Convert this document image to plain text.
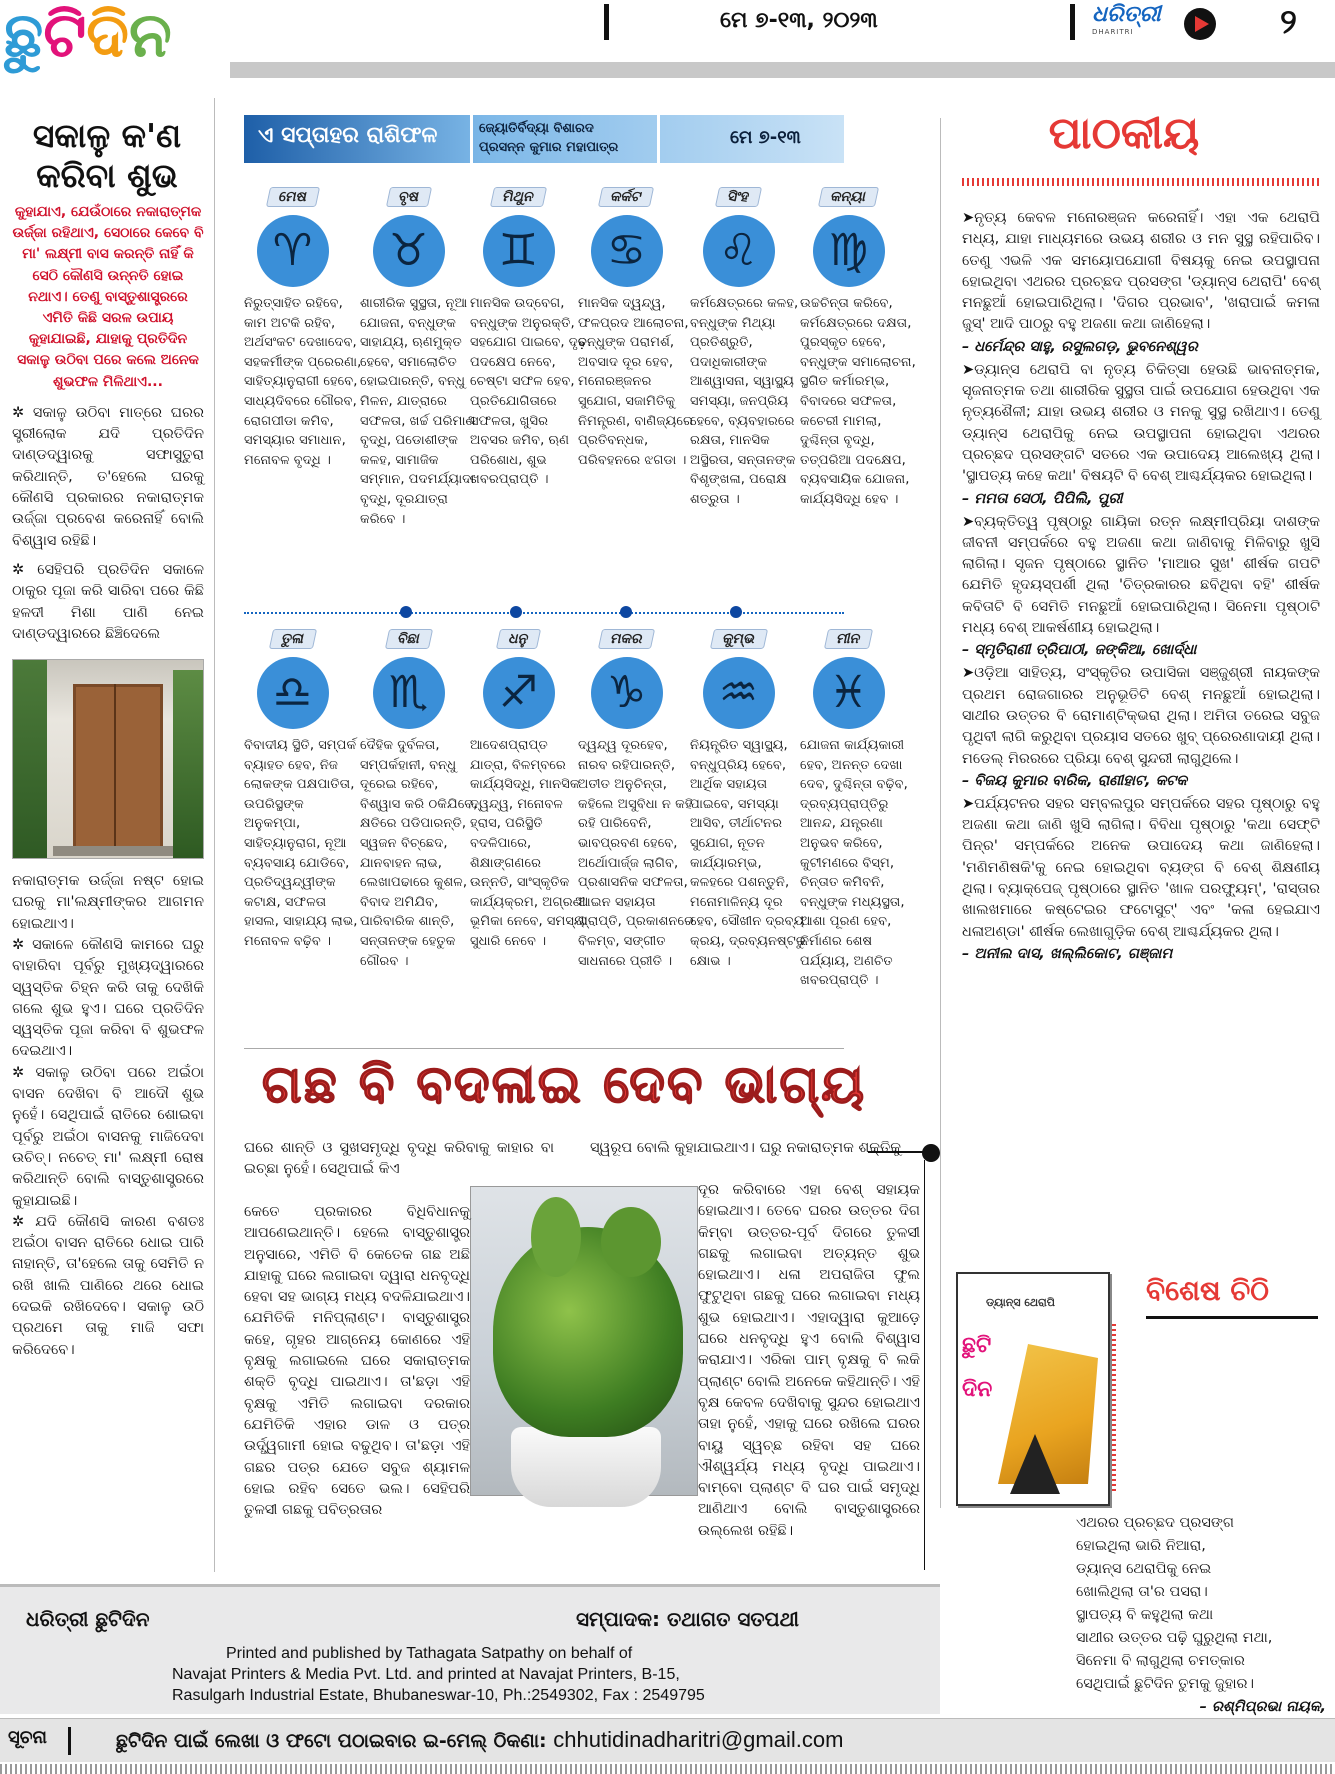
ଛୁଟିଦିନ	ମେ ୭-୧୩, ୨୦୨୩	ଧରିତ୍ରୀ
DHARITRI	୨
ସକାଳୁ କ'ଣ
କରିବା ଶୁଭ
କୁହାଯାଏ, ଯେଉଁଠାରେ ନକାରାତ୍ମକ ଉର୍ଜ୍ଜା ରହିଥାଏ, ସେଠାରେ କେବେ ବି ମା' ଲକ୍ଷ୍ମୀ ବାସ କରନ୍ତି ନାହିଁ କି ସେଠି କୌଣସି ଉନ୍ନତି ହୋଇ ନଥାଏ। ତେଣୁ ବାସ୍ତୁଶାସ୍ତ୍ରରେ ଏମିତି କିଛି ସରଳ ଉପାୟ କୁହାଯାଇଛି, ଯାହାକୁ ପ୍ରତିଦିନ ସକାଳୁ ଉଠିବା ପରେ କଲେ ଅନେକ ଶୁଭଫଳ ମିଳିଥାଏ...
✲ ସକାଳୁ ଉଠିବା ମାତ୍ରେ ଘରର ସ୍ତ୍ରୀଲୋକ ଯଦି ପ୍ରତିଦିନ ଦାଣ୍ଡଦ୍ୱାରକୁ ସଫାସୁତୁରା କରିଥାନ୍ତି, ତ'ହେଲେ ଘରକୁ କୌଣସି ପ୍ରକାରର ନକାରାତ୍ମକ ଉର୍ଜ୍ଜା ପ୍ରବେଶ କରେନାହିଁ ବୋଲି ବିଶ୍ୱାସ ରହିଛି।
✲ ସେହିପରି ପ୍ରତିଦିନ ସକାଳେ ଠାକୁର ପୂଜା କରି ସାରିବା ପରେ କିଛି ହଳଦୀ ମିଶା ପାଣି ନେଇ ଦାଣ୍ଡଦ୍ୱାରରେ ଛିଞ୍ଚିଦେଲେ
ନକାରାତ୍ମକ ଉର୍ଜ୍ଜା ନଷ୍ଟ ହୋଇ ଘରକୁ ମା'ଲକ୍ଷ୍ମୀଙ୍କର ଆଗମନ ହୋଇଥାଏ।
✲ ସକାଳେ କୌଣସି କାମରେ ଘରୁ ବାହାରିବା ପୂର୍ବରୁ ମୁଖ୍ୟଦ୍ୱାରରେ ସ୍ୱସ୍ତିକ ଚିହ୍ନ କରି ତାକୁ ଦେଖିକି ଗଲେ ଶୁଭ ହୁଏ। ଘରେ ପ୍ରତିଦିନ ସ୍ୱସ୍ତିକ ପୂଜା କରିବା ବି ଶୁଭଫଳ ଦେଇଥାଏ।
✲ ସକାଳୁ ଉଠିବା ପରେ ଅଇଁଠା ବାସନ ଦେଖିବା ବି ଆଦୌ ଶୁଭ ନୁହେଁ। ସେଥିପାଇଁ ରାତିରେ ଶୋଇବା ପୂର୍ବରୁ ଅଇଁଠା ବାସନକୁ ମାଜିଦେବା ଉଚିତ୍। ନଚେତ୍ ମା' ଲକ୍ଷ୍ମୀ ରୋଷ କରିଥାନ୍ତି ବୋଲି ବାସ୍ତୁଶାସ୍ତ୍ରରେ କୁହାଯାଇଛି।
✲ ଯଦି କୌଣସି କାରଣ ବଶତଃ ଅଇଁଠା ବାସନ ରାତିରେ ଧୋଇ ପାରି ନାହାନ୍ତି, ତା'ହେଲେ ତାକୁ ସେମିତି ନ ରଖି ଖାଲି ପାଣିରେ ଥରେ ଧୋଇ ଦେଇକି ରଖିଦେବେ। ସକାଳୁ ଉଠି ପ୍ରଥମେ ତାକୁ ମାଜି ସଫା କରିଦେବେ।
ଏ ସପ୍ତାହର ରାଶିଫଳ	ଜ୍ୟୋତିର୍ବିଦ୍ୟା ବିଶାରଦ
ପ୍ରସନ୍ନ କୁମାର ମହାପାତ୍ର	ମେ ୭-୧୩
ମେଷ
♈
ନିରୁତ୍ସାହିତ ରହିବେ, କାମ ଅଟକି ରହିବ, ଅର୍ଥସଂକଟ ଦେଖାଦେବ, ସହକର୍ମୀଙ୍କ ପ୍ରେରଣା, ସାହିତ୍ୟାନୁରାଗୀ ହେବେ, ସାଧ୍ୟଦିବରେ ଗୌରବ, ରୋଗପୀଡା କମିବ, ସମସ୍ୟାର ସମାଧାନ, ମନୋବଳ ବୃଦ୍ଧି ।
ବୃଷ
♉
ଶାରୀରିକ ସୁସ୍ଥତା, ନୂଆ ଯୋଜନା, ବନ୍ଧୁଙ୍କ ସାହାଯ୍ୟ, ଋଣମୁକ୍ତ ହେବେ, ସମାଲୋଚିତ ହୋଇପାରନ୍ତି, ବନ୍ଧୁ ମିଳନ, ଯାତ୍ରାରେ ସଫଳତା, ଖର୍ଚ୍ଚ ପରିମାଣ ବୃଦ୍ଧି, ପଡୋଶୀଙ୍କ କଳହ, ସାମାଜିକ ସମ୍ମାନ, ପଦମର୍ଯ୍ୟାଦା ବୃଦ୍ଧି, ଦୂରଯାତ୍ରା କରିବେ ।
ମିଥୁନ
♊
ମାନସିକ ଉଦ୍‌ବେଗ, ବନ୍ଧୁଙ୍କ ଅନୁରକ୍ତି, ସହଯୋଗ ପାଇବେ, ଦୃଢ଼ ପଦକ୍ଷେପ ନେବେ, ଚେଷ୍ଟା ସଫଳ ହେବ, ପ୍ରତିଯୋଗିତାରେ ସଫଳତା, ଖୁସିର ଅବସର ଜମିବ, ଋଣ ପରିଶୋଧ, ଶୁଭ ଖବରପ୍ରାପ୍ତି ।
କର୍କଟ
♋
ମାନସିକ ଦ୍ୱନ୍ଦ୍ୱ, ଫଳପ୍ରଦ ଆଲୋଚନା, ବନ୍ଧୁଙ୍କ ପରାମର୍ଶ, ଅବସାଦ ଦୂର ହେବ, ମନୋରଞ୍ଜନର ସୁଯୋଗ, ସଜାମିତିକୁ ନିମନ୍ତ୍ରଣ, ବାଣିଜ୍ୟରେ ପ୍ରତିବନ୍ଧକ, ପରିବହନରେ ଝଗଡା ।
ସିଂହ
♌
କର୍ମକ୍ଷେତ୍ରରେ କଳହ, ବନ୍ଧୁଙ୍କ ମିଥ୍ୟା ପ୍ରତିଶ୍ରୁତି, ପଦାଧିକାରୀଙ୍କ ଆଶ୍ୱାସନା, ସ୍ୱାସ୍ଥ୍ୟ ସମସ୍ୟା, ଜନପ୍ରିୟ ହେବେ, ବ୍ୟବହାରରେ ରକ୍ଷତା, ମାନସିକ ଅସ୍ଥିରତା, ସନ୍ତାନଙ୍କ ବିଶୃଙ୍ଖଳା, ପରୋକ୍ଷ ଶତ୍ରୁତା ।
କନ୍ୟା
♍
ଉଚ୍ଚଚିନ୍ତା କରିବେ, କର୍ମକ୍ଷେତ୍ରରେ ଦକ୍ଷତା, ପୁରସ୍କୃତ ହେବେ, ବନ୍ଧୁଙ୍କ ସମାଲୋଚନା, ସ୍ଥଗିତ କର୍ମାରମ୍ଭ, ବିବାଦରେ ସଫଳତା, କଚେରୀ ମାମଲା, ଦୁଶ୍ଚିନ୍ତା ବୃଦ୍ଧି, ତତ୍ପରିଆ ପଦକ୍ଷେପ, ବ୍ୟବସାୟିକ ଯୋଜନା, କାର୍ଯ୍ୟସିଦ୍ଧି ହେବ ।
ତୁଳା
♎
ବିବାଦୀୟ ସ୍ଥିତି, ସମ୍ପର୍କ ବ୍ୟାହତ ହେବ, ନିଜ ଲୋକଙ୍କ ପକ୍ଷପାତିତା, ଉପରିସ୍ଥଙ୍କ ଅନୁକମ୍ପା, ସାହିତ୍ୟାନୁରାଗ, ନୂଆ ବ୍ୟବସାୟ ଯୋଡିବେ, ପ୍ରତିଦ୍ୱନ୍ଦ୍ୱୀଙ୍କ କଟାକ୍ଷ, ସଫଳତା ହାସଲ, ସାହାଯ୍ୟ ଲାଭ, ମନୋବଳ ବଢ଼ିବ ।
ବିଛା
♏
ଦୈହିକ ଦୁର୍ବଳତା, ସମ୍ପର୍କହାନୀ, ବନ୍ଧୁ ଦୂରେଇ ରହିବେ, ବିଶ୍ୱାସ କରି ଠକିଯିବେ, କ୍ଷତିରେ ପଡିପାରନ୍ତି, ସ୍ୱଜନ ବିଚ୍ଛେଦ, ଯାନବାହନ ଲାଭ, ଲେଖାପଢାରେ କୁଶଳ, ବିବାଦ ଅମିଯିବ, ପାରିବାରିକ ଶାନ୍ତି, ସନ୍ତାନଙ୍କ ହେତୁକ ଗୌରବ ।
ଧନୁ
♐
ଆଦେଶପ୍ରାପ୍ତ ଯାତ୍ରା, ବିଳମ୍ବରେ କାର୍ଯ୍ୟସିଦ୍ଧି, ମାନସିକ ଦ୍ୱନ୍ଦ୍ୱ, ମନୋବଳ ହ୍ରାସ, ପରିସ୍ଥିତି ବଦଳିପାରେ, ଶିକ୍ଷାଙ୍ଗଣରେ ଉନ୍ନତି, ସାଂସ୍କୃତିକ କାର୍ଯ୍ୟକ୍ରମ, ଅଗ୍ରଣୀ ଭୂମିକା ନେବେ, ସମସ୍ୟା ସୁଧାରି ନେବେ ।
ମକର
♑
ଦ୍ୱନ୍ଦ୍ୱ ଦୂରହେବ, ନାରବ ରହିପାରନ୍ତି, ଅତୀତ ଅନୁଚିନ୍ତା, କହିଲେ ଅସୁବିଧା ନ କହି ରହି ପାରିବେନି, ଭାବପ୍ରବଣ ହେବେ, ଅର୍ଥୋପାର୍ଜ୍ଜ ଲାଗିବ, ପ୍ରଶାସନିକ ସଫଳତା, ଆଇନ ସହାୟତା ପ୍ରାପ୍ତି, ପ୍ରକାଶନରେ ବିଳମ୍ବ, ସଙ୍ଗୀତ ସାଧନାରେ ପ୍ରୀତି ।
କୁମ୍ଭ
♒
ନିୟନ୍ତ୍ରିତ ସ୍ୱାସ୍ଥ୍ୟ, ବନ୍ଧୁପ୍ରିୟ ହେବେ, ଆର୍ଥିକ ସହାୟତା ପାଇବେ, ସମସ୍ୟା ଆସିବ, ତୀର୍ଥାଟନର ସୁଯୋଗ, ନୂତନ କାର୍ଯ୍ୟାରମ୍ଭ, କଳହରେ ପଶନ୍ତୁନି, ମନୋମାଳିନ୍ୟ ଦୂର ହେବ, ସୌଖୀନ ଦ୍ରବ୍ୟ କ୍ରୟ, ଦ୍ରବ୍ୟନଷ୍ଟରୁ କ୍ଷୋଭ ।
ମୀନ
♓
ଯୋଜନା କାର୍ଯ୍ୟକାରୀ ହେବ, ଅନନ୍ତ ଦେଖା ଦେବ, ଦୁଶ୍ଚିନ୍ତା ବଢ଼ିବ, ଦ୍ରବ୍ୟପ୍ରାପ୍ତିରୁ ଆନନ୍ଦ, ଯନ୍ତ୍ରଣା ଅନୁଭବ କରିବେ, କୁଟୀମଣରେ ବିସ୍ମ, ଚିନ୍ତାତ କମିବନି, ବନ୍ଧୁଙ୍କ ମଧ୍ୟସ୍ଥତା, ଆଶା ପୂରଣ ହେବ, ନିର୍ମାଣର ଶେଷ ପର୍ଯ୍ୟାୟ, ଅଣଚିତ ଖବରପ୍ରାପ୍ତି ।
ଗଛ ବି ବଦଳାଇ ଦେବ ଭାଗ୍ୟ
ଘରେ ଶାନ୍ତି ଓ ସୁଖସମୃଦ୍ଧି ବୃଦ୍ଧି କରିବାକୁ କାହାର ବା ଇଚ୍ଛା ନୁହେଁ। ସେଥିପାଇଁ କିଏ
ସ୍ୱରୂପ ବୋଲି କୁହାଯାଇଥାଏ। ଘରୁ ନକାରାତ୍ମକ ଶକ୍ତିକୁ
କେତେ ପ୍ରକାରର ବିଧିବିଧାନକୁ ଆପଣେଇଥାନ୍ତି। ହେଲେ ବାସ୍ତୁଶାସ୍ତ୍ର ଅନୁସାରେ, ଏମିତି ବି କେତେକ ଗଛ ଅଛି ଯାହାକୁ ଘରେ ଲଗାଇବା ଦ୍ୱାରା ଧନବୃଦ୍ଧି ହେବା ସହ ଭାଗ୍ୟ ମଧ୍ୟ ବଦଳିଯାଇଥାଏ। ଯେମିତିକି ମନିପ୍ଲାଣ୍ଟ। ବାସ୍ତୁଶାସ୍ତ୍ର କହେ, ଗୃହର ଆଗ୍ନେୟ କୋଣରେ ଏହି ବୃକ୍ଷକୁ ଲଗାଇଲେ ଘରେ ସକାରାତ୍ମକ ଶକ୍ତି ବୃଦ୍ଧି ପାଇଥାଏ। ତା'ଛଡ଼ା ଏହି ବୃକ୍ଷକୁ ଏମିତି ଲଗାଇବା ଦରକାର ଯେମିତିକି ଏହାର ଡାଳ ଓ ପତ୍ର ଉର୍ଦ୍ଧ୍ୱଗାମୀ ହୋଇ ବଢୁଥିବ। ତା'ଛଡ଼ା ଏହି ଗଛର ପତ୍ର ଯେତେ ସବୁଜ ଶ୍ୟାମଳ ହୋଇ ରହିବ ସେତେ ଭଲ। ସେହିପରି ତୁଳସୀ ଗଛକୁ ପବିତ୍ରତାର
ଦୂର କରିବାରେ ଏହା ବେଶ୍ ସହାୟକ ହୋଇଥାଏ। ତେବେ ଘରର ଉତ୍ତର ଦିଗ କିମ୍ବା ଉତ୍ତର-ପୂର୍ବ ଦିଗରେ ତୁଳସୀ ଗଛକୁ ଲଗାଇବା ଅତ୍ୟନ୍ତ ଶୁଭ ହୋଇଥାଏ। ଧଳା ଅପରାଜିତା ଫୁଲ ଫୁଟୁଥିବା ଗଛକୁ ଘରେ ଲଗାଇବା ମଧ୍ୟ ଶୁଭ ହୋଇଥାଏ। ଏହାଦ୍ୱାରା କୁଆଡ଼େ ଘରେ ଧନବୃଦ୍ଧି ହୁଏ ବୋଲି ବିଶ୍ୱାସ କରାଯାଏ। ଏରିକା ପାମ୍ ବୃକ୍ଷକୁ ବି ଲକି ପ୍ଲାଣ୍ଟ ବୋଲି ଅନେକେ କହିଥାନ୍ତି। ଏହି ବୃକ୍ଷ କେବଳ ଦେଖିବାକୁ ସୁନ୍ଦର ହୋଇଥାଏ ତାହା ନୁହେଁ, ଏହାକୁ ଘରେ ରଖିଲେ ଘରର ବାୟୁ ସ୍ୱଚ୍ଛ ରହିବା ସହ ଘରେ ଐଶ୍ୱର୍ଯ୍ୟ ମଧ୍ୟ ବୃଦ୍ଧି ପାଇଥାଏ। ବାମ୍ବୋ ପ୍ଲାଣ୍ଟ ବି ଘର ପାଇଁ ସମୃଦ୍ଧି ଆଣିଥାଏ ବୋଲି ବାସ୍ତୁଶାସ୍ତ୍ରରେ ଉଲ୍ଲେଖ ରହିଛି।
ପାଠକୀୟ
➤ନୃତ୍ୟ କେବଳ ମନୋରଞ୍ଜନ କରେନାହିଁ। ଏହା ଏକ ଥେରାପି ମଧ୍ୟ, ଯାହା ମାଧ୍ୟମରେ ଉଭୟ ଶରୀର ଓ ମନ ସୁସ୍ଥ ରହିପାରିବ। ତେଣୁ ଏଭଳି ଏକ ସମୟୋପଯୋଗୀ ବିଷୟକୁ ନେଇ ଉପସ୍ଥାପନା ହୋଇଥିବା ଏଥରର ପ୍ରଚ୍ଛଦ ପ୍ରସଙ୍ଗ 'ଡ୍ୟାନ୍ସ ଥେରାପି' ବେଶ୍ ମନଛୁଆଁ ହୋଇପାରିଥିଲା। 'ଦିଗର ପ୍ରଭାବ', 'ଖରାପାଇଁ କମଳା ଜୁସ୍' ଆଦି ପାଠରୁ ବହୁ ଅଜଣା କଥା ଜାଣିହେଲା।
– ଧର୍ମେନ୍ଦ୍ର ସାହୁ, ରସୁଲଗଡ଼, ଭୁବନେଶ୍ୱର
➤ଡ୍ୟାନ୍ସ ଥେରାପି ବା ନୃତ୍ୟ ଚିକିତ୍ସା ହେଉଛି ଭାବନାତ୍ମକ, ସୃଜନାତ୍ମକ ତଥା ଶାରୀରିକ ସୁସ୍ଥତା ପାଇଁ ଉପଯୋଗ ହେଉଥିବା ଏକ ନୃତ୍ୟଶୈଳୀ; ଯାହା ଉଭୟ ଶରୀର ଓ ମନକୁ ସୁସ୍ଥ ରଖିଥାଏ। ତେଣୁ ଡ୍ୟାନ୍ସ ଥେରାପିକୁ ନେଇ ଉପସ୍ଥାପନା ହୋଇଥିବା ଏଥରର ପ୍ରଚ୍ଛଦ ପ୍ରସଙ୍ଗଟି ସତରେ ଏକ ଉପାଦେୟ ଆଲେଖ୍ୟ ଥିଲା। 'ସ୍ଥାପତ୍ୟ କହେ କଥା' ବିଷୟଟି ବି ବେଶ୍ ଆଶ୍ଚର୍ଯ୍ୟକର ହୋଇଥିଲା।
– ମମତା ସେଠୀ, ପିପିଲି, ପୁରୀ
➤ବ୍ୟକ୍ତିତ୍ୱ ପୃଷ୍ଠାରୁ ଗାୟିକା ରତ୍ନ ଲକ୍ଷ୍ମୀପ୍ରିୟା ଦାଶଙ୍କ ଜୀବନୀ ସମ୍ପର୍କରେ ବହୁ ଅଜଣା କଥା ଜାଣିବାକୁ ମିଳିବାରୁ ଖୁସି ଲାଗିଲା। ସୃଜନ ପୃଷ୍ଠାରେ ସ୍ଥାନିତ 'ମାଆର ସୁଖ' ଶୀର୍ଷକ ଗପଟି ଯେମିତି ହୃଦୟସ୍ପର୍ଶୀ ଥିଲା 'ଚିତ୍ରକାରର ଛବିଥିବା ବହି' ଶୀର୍ଷକ କବିତାଟି ବି ସେମିତି ମନଛୁଆଁ ହୋଇପାରିଥିଲା। ସିନେମା ପୃଷ୍ଠାଟି ମଧ୍ୟ ବେଶ୍ ଆକର୍ଷଣୀୟ ହୋଇଥିଲା।
– ସ୍ମୃତିରାଣୀ ତ୍ରିପାଠୀ, ଜଙ୍କିଆ, ଖୋର୍ଦ୍ଧା
➤ଓଡ଼ିଆ ସାହିତ୍ୟ, ସଂସ୍କୃତିର ଉପାସିକା ସଞ୍ଜୁଶ୍ରୀ ନାୟକଙ୍କ ପ୍ରଥମ ରୋଜଗାରର ଅନୁଭୂତିଟି ବେଶ୍ ମନଛୁଆଁ ହୋଇଥିଲା। ସାଥୀର ଉତ୍ତର ବି ରୋମାଣ୍ଟିକ୍‌ଭରା ଥିଲା। ଅମିତା ତରେଇ ସବୁଜ ପୃଥିବୀ ଲାଗି କରୁଥିବା ପ୍ରୟାସ ସତରେ ଖୁବ୍ ପ୍ରେରଣାଦାୟୀ ଥିଲା। ମଡେଲ୍ ମିରରରେ ପ୍ରିୟା ବେଶ୍ ସୁନ୍ଦରୀ ଲାଗୁଥିଲେ।
– ବିଜୟ କୁମାର ବାରିକ, ରାଣୀହାଟ, କଟକ
➤ପର୍ଯ୍ୟଟନର ସହର ସମ୍ବଲପୁର ସମ୍ପର୍କରେ ସହର ପୃଷ୍ଠାରୁ ବହୁ ଅଜଣା କଥା ଜାଣି ଖୁସି ଲାଗିଲା। ବିବିଧା ପୃଷ୍ଠାରୁ 'କଥା ସେଫ୍ଟି ପିନ୍‌ର' ସମ୍ପର୍କରେ ଅନେକ ଉପାଦେୟ କଥା ଜାଣିହେଲା। 'ମଣିମଣିଷକି'କୁ ନେଇ ହୋଇଥିବା ବ୍ୟଙ୍ଗ ବି ବେଶ୍ ଶିକ୍ଷଣୀୟ ଥିଲା। ବ୍ୟାକ୍‌ପେଜ୍ ପୃଷ୍ଠାରେ ସ୍ଥାନିତ 'ଖାଳ ପରଫ୍ୟୁମ୍', 'ରାସ୍ତାର ଖାଲଖମାରେ କଷ୍ଟେଇର ଫଟୋସୁଟ୍' ଏବଂ 'କଳା ହେଇଯାଏ ଧଳାଅଣ୍ଡା' ଶୀର୍ଷକ ଲେଖାଗୁଡ଼ିକ ବେଶ୍ ଆଶ୍ଚର୍ଯ୍ୟକର ଥିଲା।
– ଅନୀଲ ଦାସ, ଖଲ୍ଲିକୋଟ, ଗଞ୍ଜାମ
ଡ୍ୟାନ୍ସ ଥେରାପି
ଛୁଟିଦିନ
ବିଶେଷ ଚିଠି
ଏଥରର ପ୍ରଚ୍ଛଦ ପ୍ରସଙ୍ଗ
ହୋଇଥିଲା ଭାରି ନିଆରା,
ଡ୍ୟାନ୍ସ ଥେରାପିକୁ ନେଇ
ଖୋଲିଥିଲା ତା'ର ପସରା।
ସ୍ଥାପତ୍ୟ ବି କହୁଥିଲା କଥା
ସାଥୀର ଉତ୍ତର ପଢ଼ି ଘୁରୁଥିଲା ମଥା,
ସିନେମା ବି ଲାଗୁଥିଲା ଚମତ୍କାର
ସେଥିପାଇଁ ଛୁଟିଦିନ ତୁମକୁ ଜୁହାର।
– ରଶ୍ମିପ୍ରଭା ନାୟକ,
ଧରିତ୍ରୀ ଛୁଟିଦିନ	ସମ୍ପାଦକ: ତଥାଗତ ସତପଥୀ
Printed and published by Tathagata Satpathy on behalf of
Navajat Printers & Media Pvt. Ltd. and printed at Navajat Printers, B-15,
Rasulgarh Industrial Estate, Bhubaneswar-10, Ph.:2549302, Fax : 2549795
ସୂଚନା	ଛୁଟିଦିନ ପାଇଁ ଲେଖା ଓ ଫଟୋ ପଠାଇବାର ଇ-ମେଲ୍ ଠିକଣା: chhutidinadharitri@gmail.com
